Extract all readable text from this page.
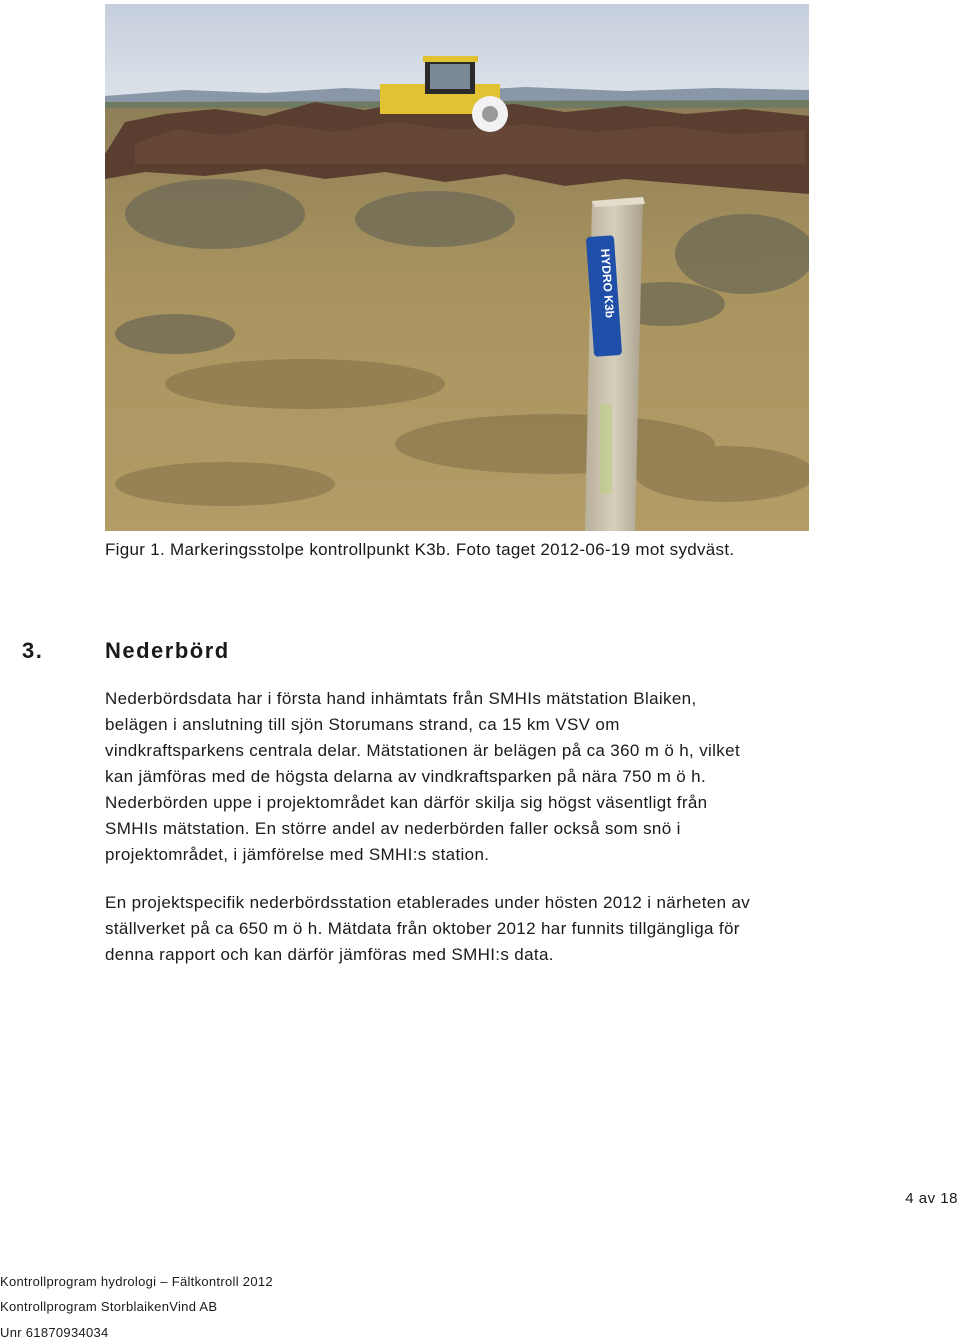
HYDRO K3b
Figur 1. Markeringsstolpe kontrollpunkt K3b. Foto taget 2012-06-19 mot sydväst.
3.	Nederbörd
Nederbördsdata har i första hand inhämtats från SMHIs mätstation Blaiken,
belägen i anslutning till sjön Storumans strand, ca 15 km VSV om
vindkraftsparkens centrala delar. Mätstationen är belägen på ca 360 m ö h, vilket
kan jämföras med de högsta delarna av vindkraftsparken på nära 750 m ö h.
Nederbörden uppe i projektområdet kan därför skilja sig högst väsentligt från
SMHIs mätstation. En större andel av nederbörden faller också som snö i
projektområdet, i jämförelse med SMHI:s station.
En projektspecifik nederbördsstation etablerades under hösten 2012 i närheten av
ställverket på ca 650 m ö h. Mätdata från oktober 2012 har funnits tillgängliga för
denna rapport och kan därför jämföras med SMHI:s data.
4 av 18
Kontrollprogram hydrologi – Fältkontroll 2012
Kontrollprogram StorblaikenVind AB
Unr 61870934034
